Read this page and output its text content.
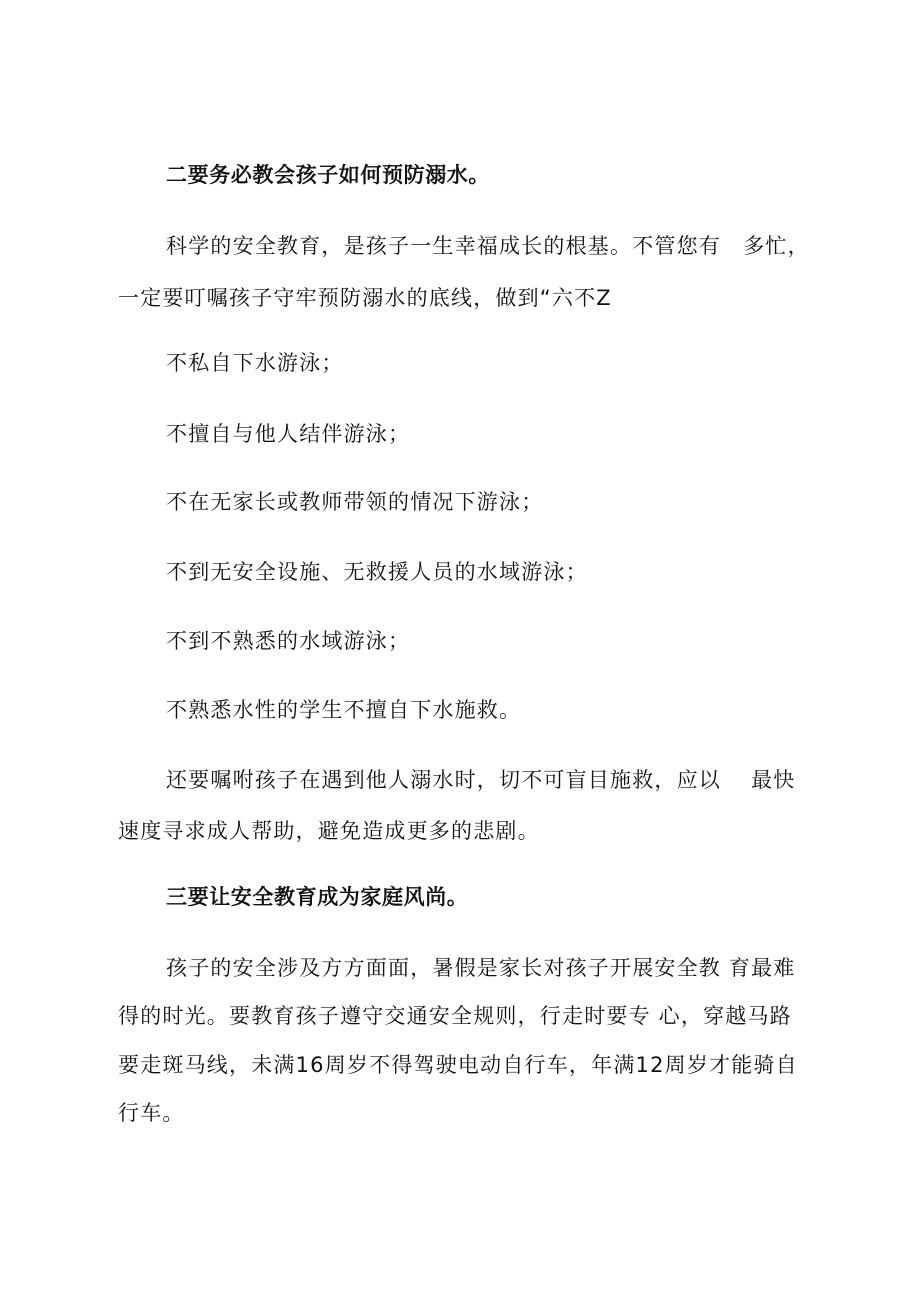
二要务必教会孩子如何预防溺水。
科学的安全教育，是孩子一生幸福成长的根基。不管您有　多忙，
一定要叮嘱孩子守牢预防溺水的底线，做到“六不Z
不私自下水游泳；
不擅自与他人结伴游泳；
不在无家长或教师带领的情况下游泳；
不到无安全设施、无救援人员的水域游泳；
不到不熟悉的水域游泳；
不熟悉水性的学生不擅自下水施救。
还要嘱咐孩子在遇到他人溺水时，切不可盲目施救，应以　 最快
速度寻求成人帮助，避免造成更多的悲剧。
三要让安全教育成为家庭风尚。
孩子的安全涉及方方面面，暑假是家长对孩子开展安全教 育最难
得的时光。要教育孩子遵守交通安全规则，行走时要专 心，穿越马路
要走斑马线，未满16周岁不得驾驶电动自行车，年满12周岁才能骑自
行车。
